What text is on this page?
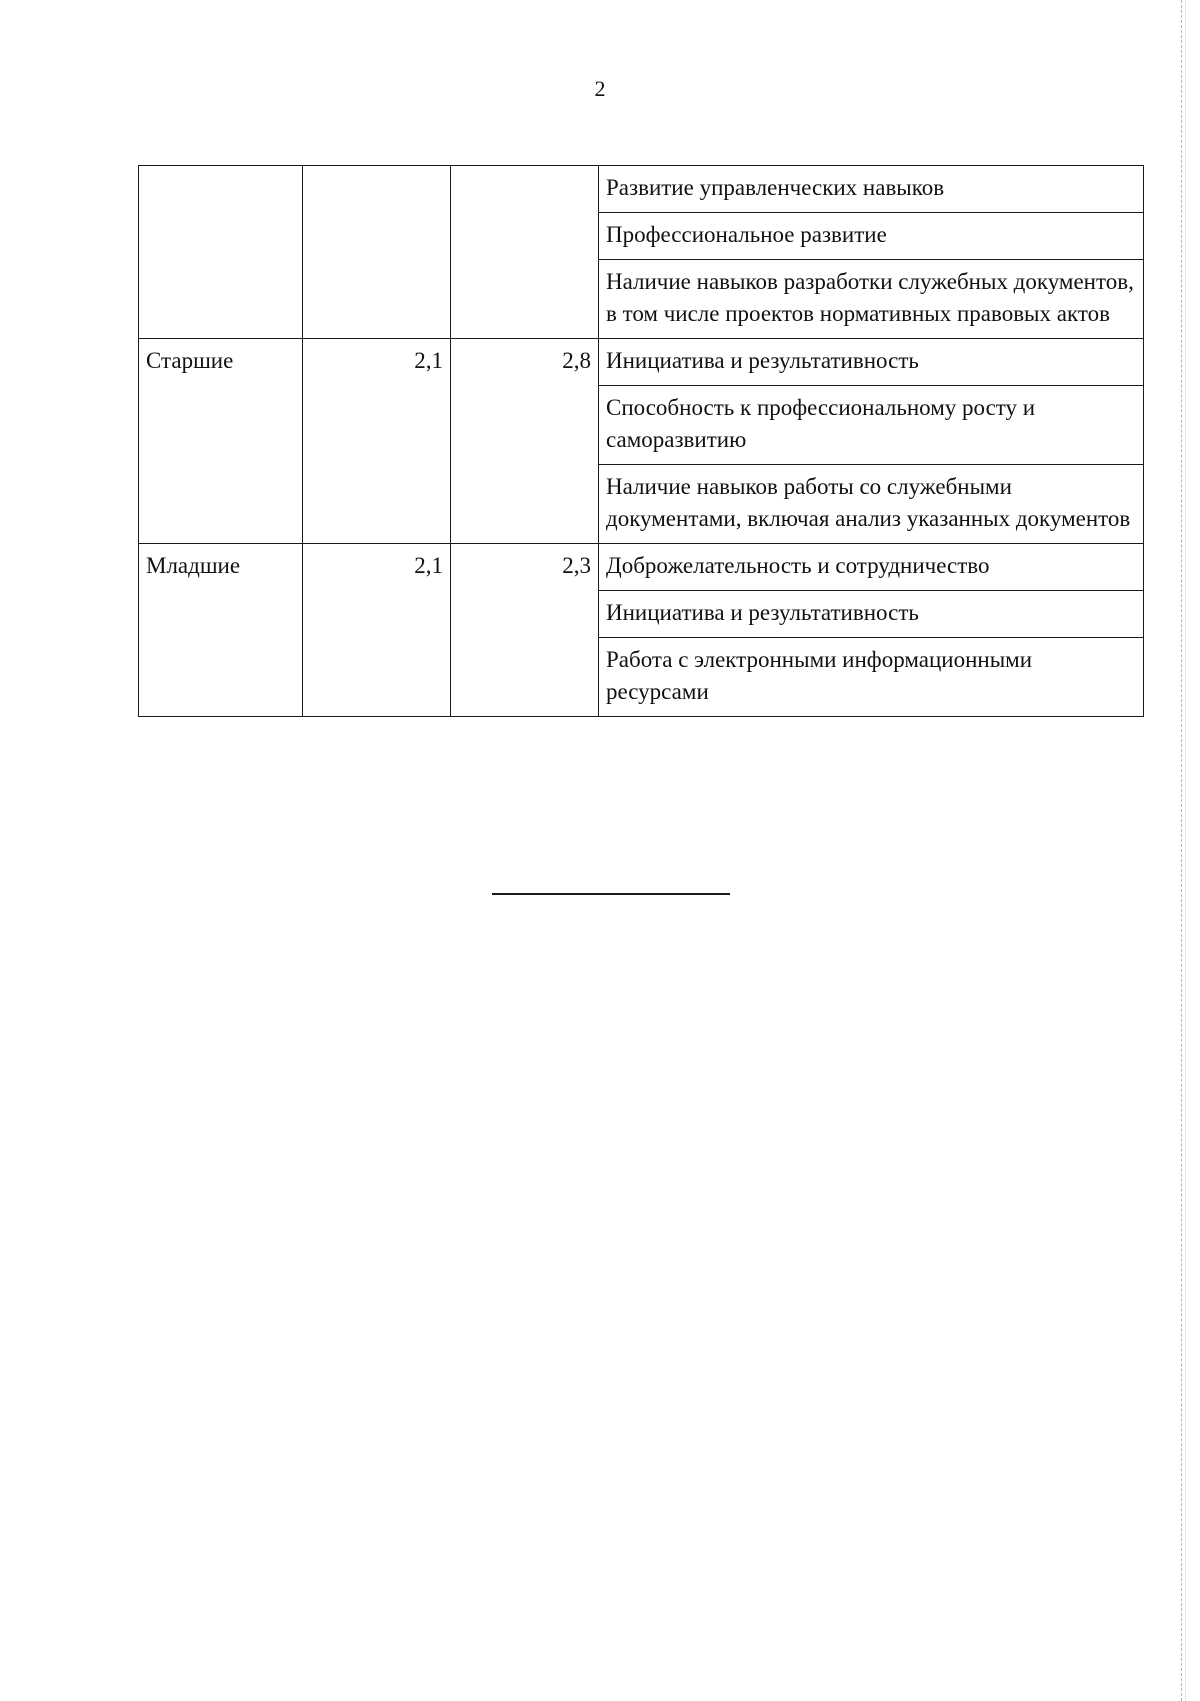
2
			Развитие управленческих навыков
			Профессиональное развитие
			Наличие навыков разработки служебных документов, в том числе проектов нормативных правовых актов
Старшие	2,1	2,8	Инициатива и результативность
			Способность к профессиональному росту и саморазвитию
			Наличие навыков работы со служебными документами, включая анализ указанных документов
Младшие	2,1	2,3	Доброжелательность и сотрудничество
			Инициатива и результативность
			Работа с электронными информационными ресурсами
